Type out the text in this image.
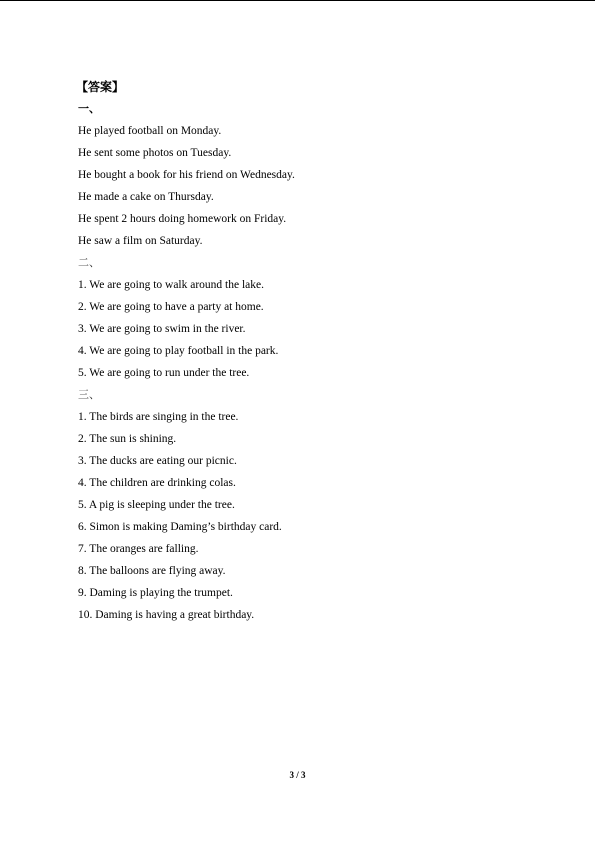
【答案】
一、
He played football on Monday.
He sent some photos on Tuesday.
He bought a book for his friend on Wednesday.
He made a cake on Thursday.
He spent 2 hours doing homework on Friday.
He saw a film on Saturday.
二、
1. We are going to walk around the lake.
2. We are going to have a party at home.
3. We are going to swim in the river.
4. We are going to play football in the park.
5. We are going to run under the tree.
三、
1. The birds are singing in the tree.
2. The sun is shining.
3. The ducks are eating our picnic.
4. The children are drinking colas.
5. A pig is sleeping under the tree.
6. Simon is making Daming’s birthday card.
7. The oranges are falling.
8. The balloons are flying away.
9. Daming is playing the trumpet.
10. Daming is having a great birthday.
3 / 3
